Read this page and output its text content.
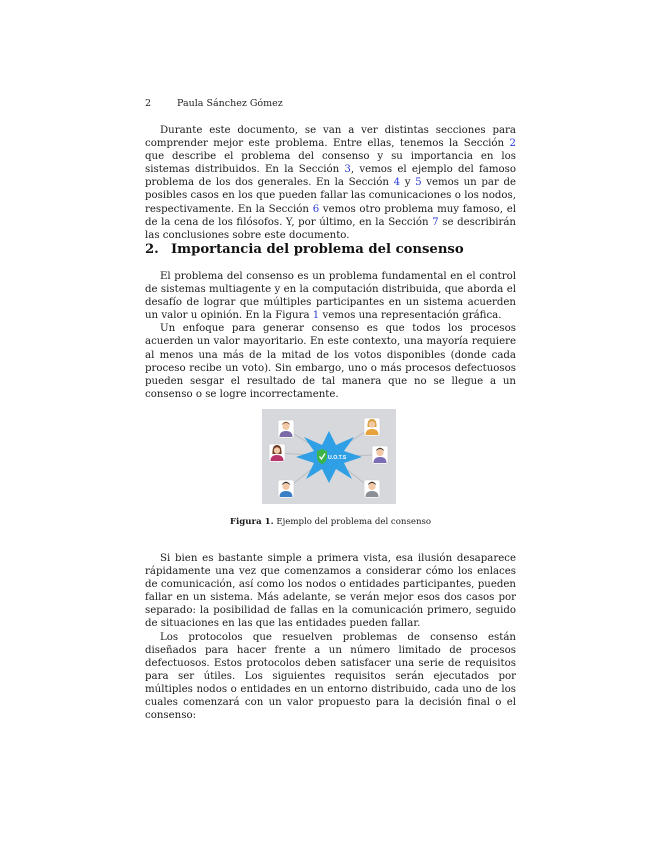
2	Paula Sánchez Gómez

Durante este documento, se van a ver distintas secciones para comprender mejor este problema. Entre ellas, tenemos la Sección 2 que describe el problema del consenso y su importancia en los sistemas distribuidos. En la Sección 3, vemos el ejemplo del famoso problema de los dos generales. En la Sección 4 y 5 vemos un par de posibles casos en los que pueden fallar las comunicaciones o los nodos, respectivamente. En la Sección 6 vemos otro problema muy famoso, el de la cena de los filósofos. Y, por último, en la Sección 7 se describirán las conclusiones sobre este documento.

2. Importancia del problema del consenso

El problema del consenso es un problema fundamental en el control de sistemas multiagente y en la computación distribuida, que aborda el desafío de lograr que múltiples participantes en un sistema acuerden un valor u opinión. En la Figura 1 vemos una representación gráfica.

Un enfoque para generar consenso es que todos los procesos acuerden un valor mayoritario. En este contexto, una mayoría requiere al menos una más de la mitad de los votos disponibles (donde cada proceso recibe un voto). Sin embargo, uno o más procesos defectuosos pueden sesgar el resultado de tal manera que no se llegue a un consenso o se logre incorrectamente.

U.O.T.S
Figura 1. Ejemplo del problema del consenso

Si bien es bastante simple a primera vista, esa ilusión desaparece rápidamente una vez que comenzamos a considerar cómo los enlaces de comunicación, así como los nodos o entidades participantes, pueden fallar en un sistema. Más adelante, se verán mejor esos dos casos por separado: la posibilidad de fallas en la comunicación primero, seguido de situaciones en las que las entidades pueden fallar.

Los protocolos que resuelven problemas de consenso están diseñados para hacer frente a un número limitado de procesos defectuosos. Estos protocolos deben satisfacer una serie de requisitos para ser útiles. Los siguientes requisitos serán ejecutados por múltiples nodos o entidades en un entorno distribuido, cada uno de los cuales comenzará con un valor propuesto para la decisión final o el consenso:
